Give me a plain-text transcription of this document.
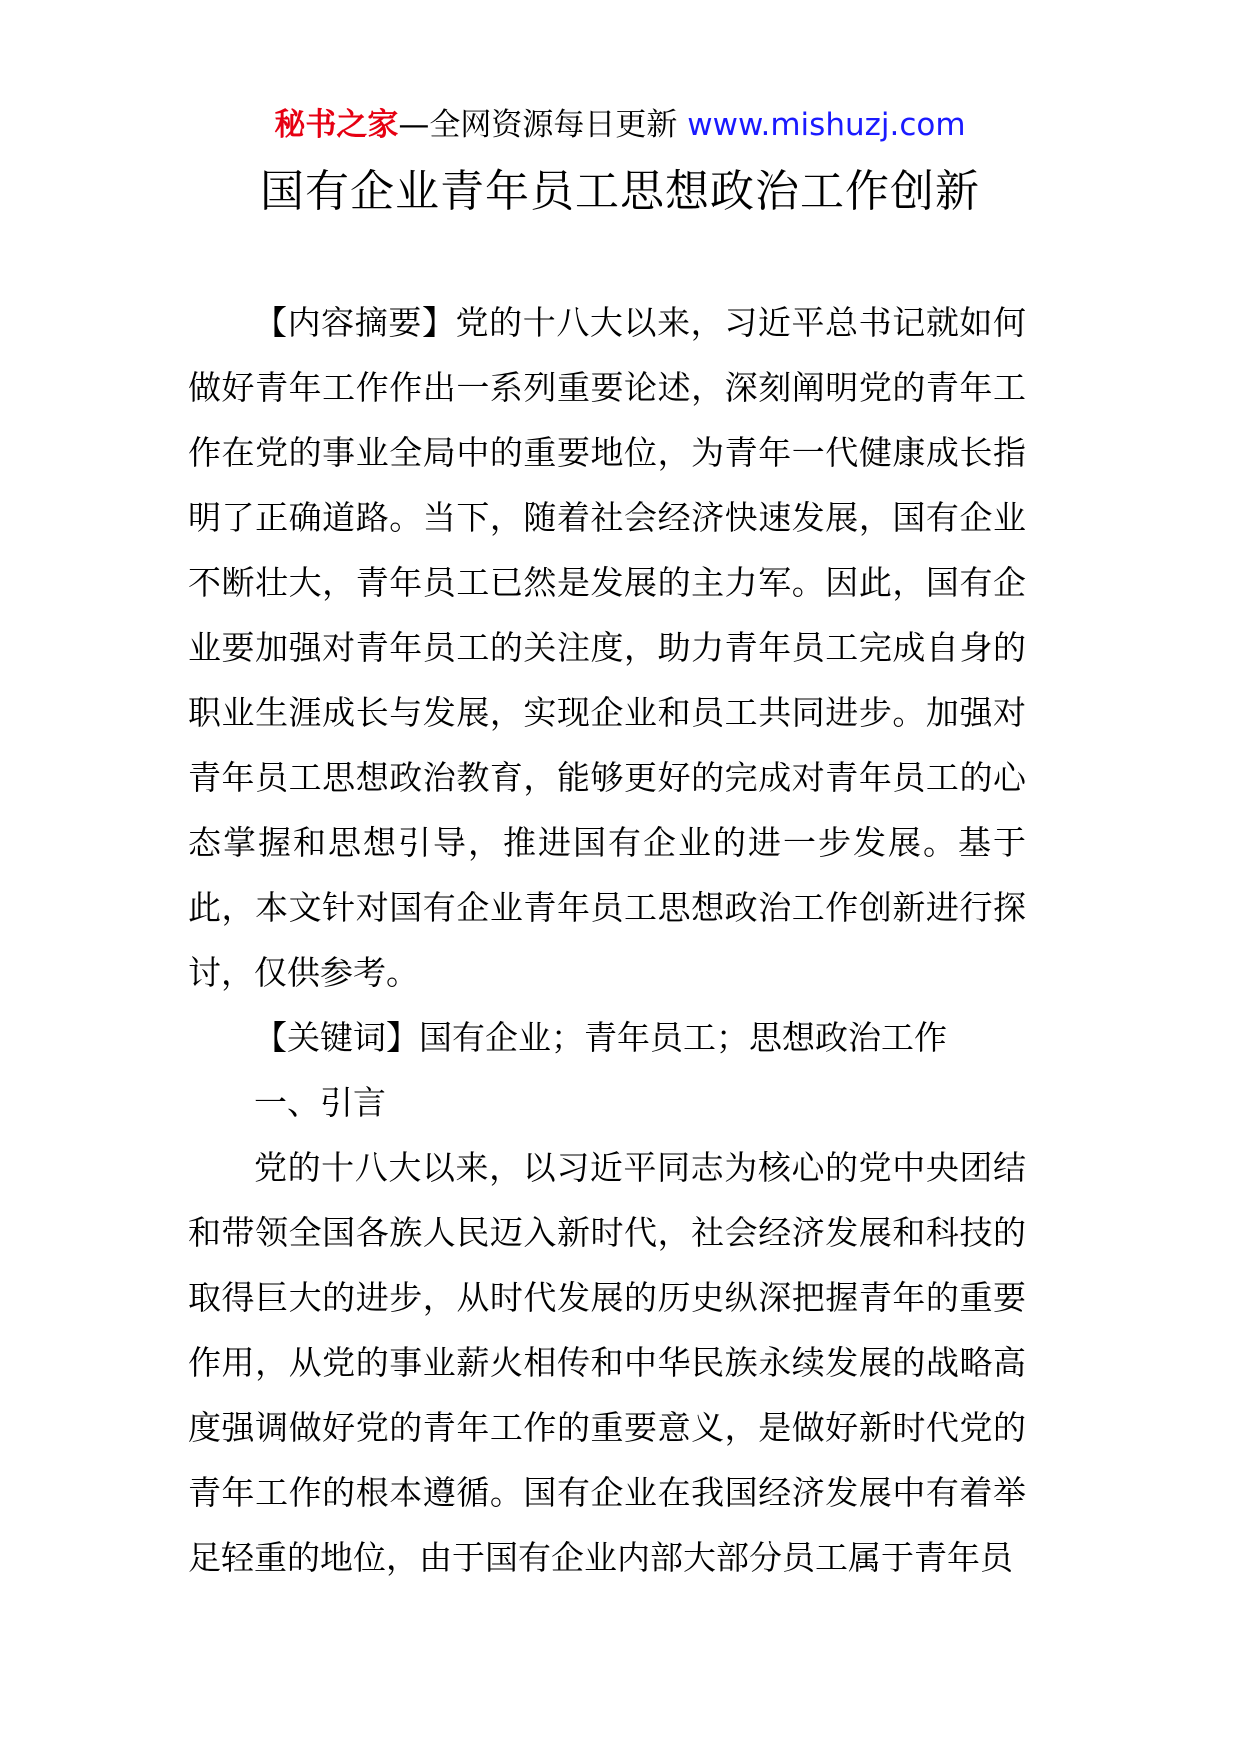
秘书之家—全网资源每日更新 www.mishuzj.com
国有企业青年员工思想政治工作创新

【内容摘要】党的十八大以来，习近平总书记就如何做好青年工作作出一系列重要论述，深刻阐明党的青年工作在党的事业全局中的重要地位，为青年一代健康成长指明了正确道路。当下，随着社会经济快速发展，国有企业不断壮大，青年员工已然是发展的主力军。因此，国有企业要加强对青年员工的关注度，助力青年员工完成自身的职业生涯成长与发展，实现企业和员工共同进步。加强对青年员工思想政治教育，能够更好的完成对青年员工的心态掌握和思想引导，推进国有企业的进一步发展。基于此，本文针对国有企业青年员工思想政治工作创新进行探讨，仅供参考。

【关键词】国有企业；青年员工；思想政治工作

一、引言

党的十八大以来，以习近平同志为核心的党中央团结和带领全国各族人民迈入新时代，社会经济发展和科技的取得巨大的进步，从时代发展的历史纵深把握青年的重要作用，从党的事业薪火相传和中华民族永续发展的战略高度强调做好党的青年工作的重要意义，是做好新时代党的青年工作的根本遵循。国有企业在我国经济发展中有着举足轻重的地位，由于国有企业内部大部分员工属于青年员
